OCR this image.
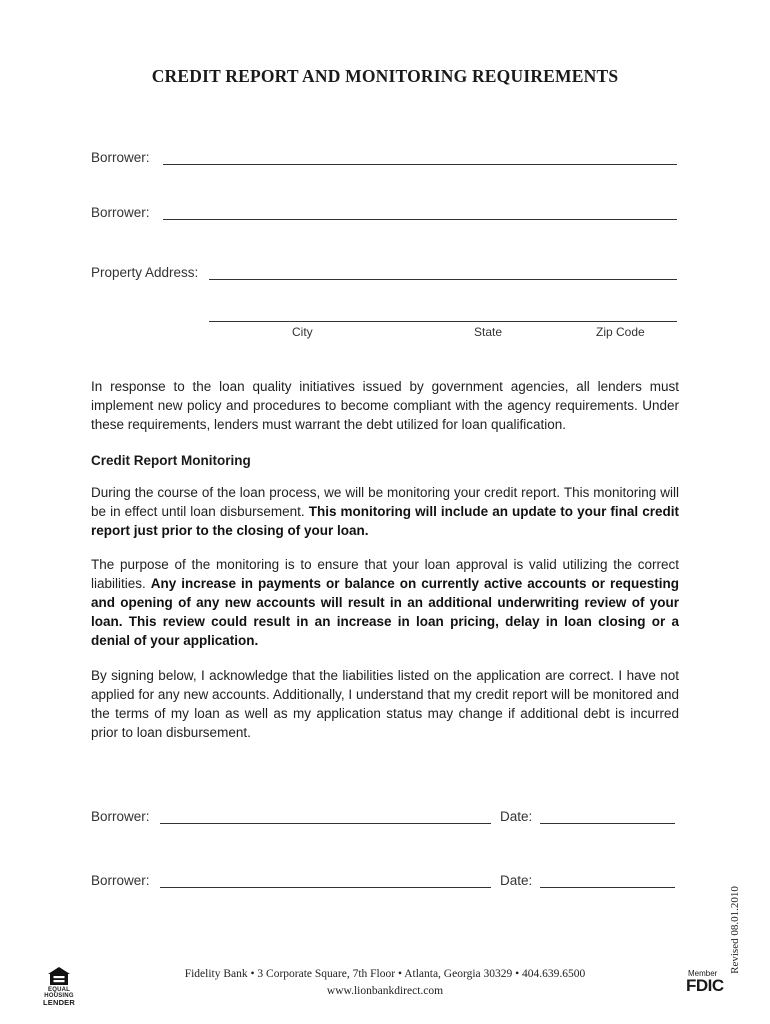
CREDIT REPORT AND MONITORING REQUIREMENTS
Borrower:
Borrower:
Property Address:
City	State	Zip Code
In response to the loan quality initiatives issued by government agencies, all lenders must implement new policy and procedures to become compliant with the agency requirements. Under these requirements, lenders must warrant the debt utilized for loan qualification.
Credit Report Monitoring
During the course of the loan process, we will be monitoring your credit report. This monitoring will be in effect until loan disbursement. This monitoring will include an update to your final credit report just prior to the closing of your loan.
The purpose of the monitoring is to ensure that your loan approval is valid utilizing the correct liabilities. Any increase in payments or balance on currently active accounts or requesting and opening of any new accounts will result in an additional underwriting review of your loan. This review could result in an increase in loan pricing, delay in loan closing or a denial of your application.
By signing below, I acknowledge that the liabilities listed on the application are correct. I have not applied for any new accounts. Additionally, I understand that my credit report will be monitored and the terms of my loan as well as my application status may change if additional debt is incurred prior to loan disbursement.
Borrower:	Date:
Borrower:	Date:
Revised 08.01.2010
EQUAL HOUSING
LENDER
Fidelity Bank • 3 Corporate Square, 7th Floor • Atlanta, Georgia 30329 • 404.639.6500
www.lionbankdirect.com
Member
FDIC
